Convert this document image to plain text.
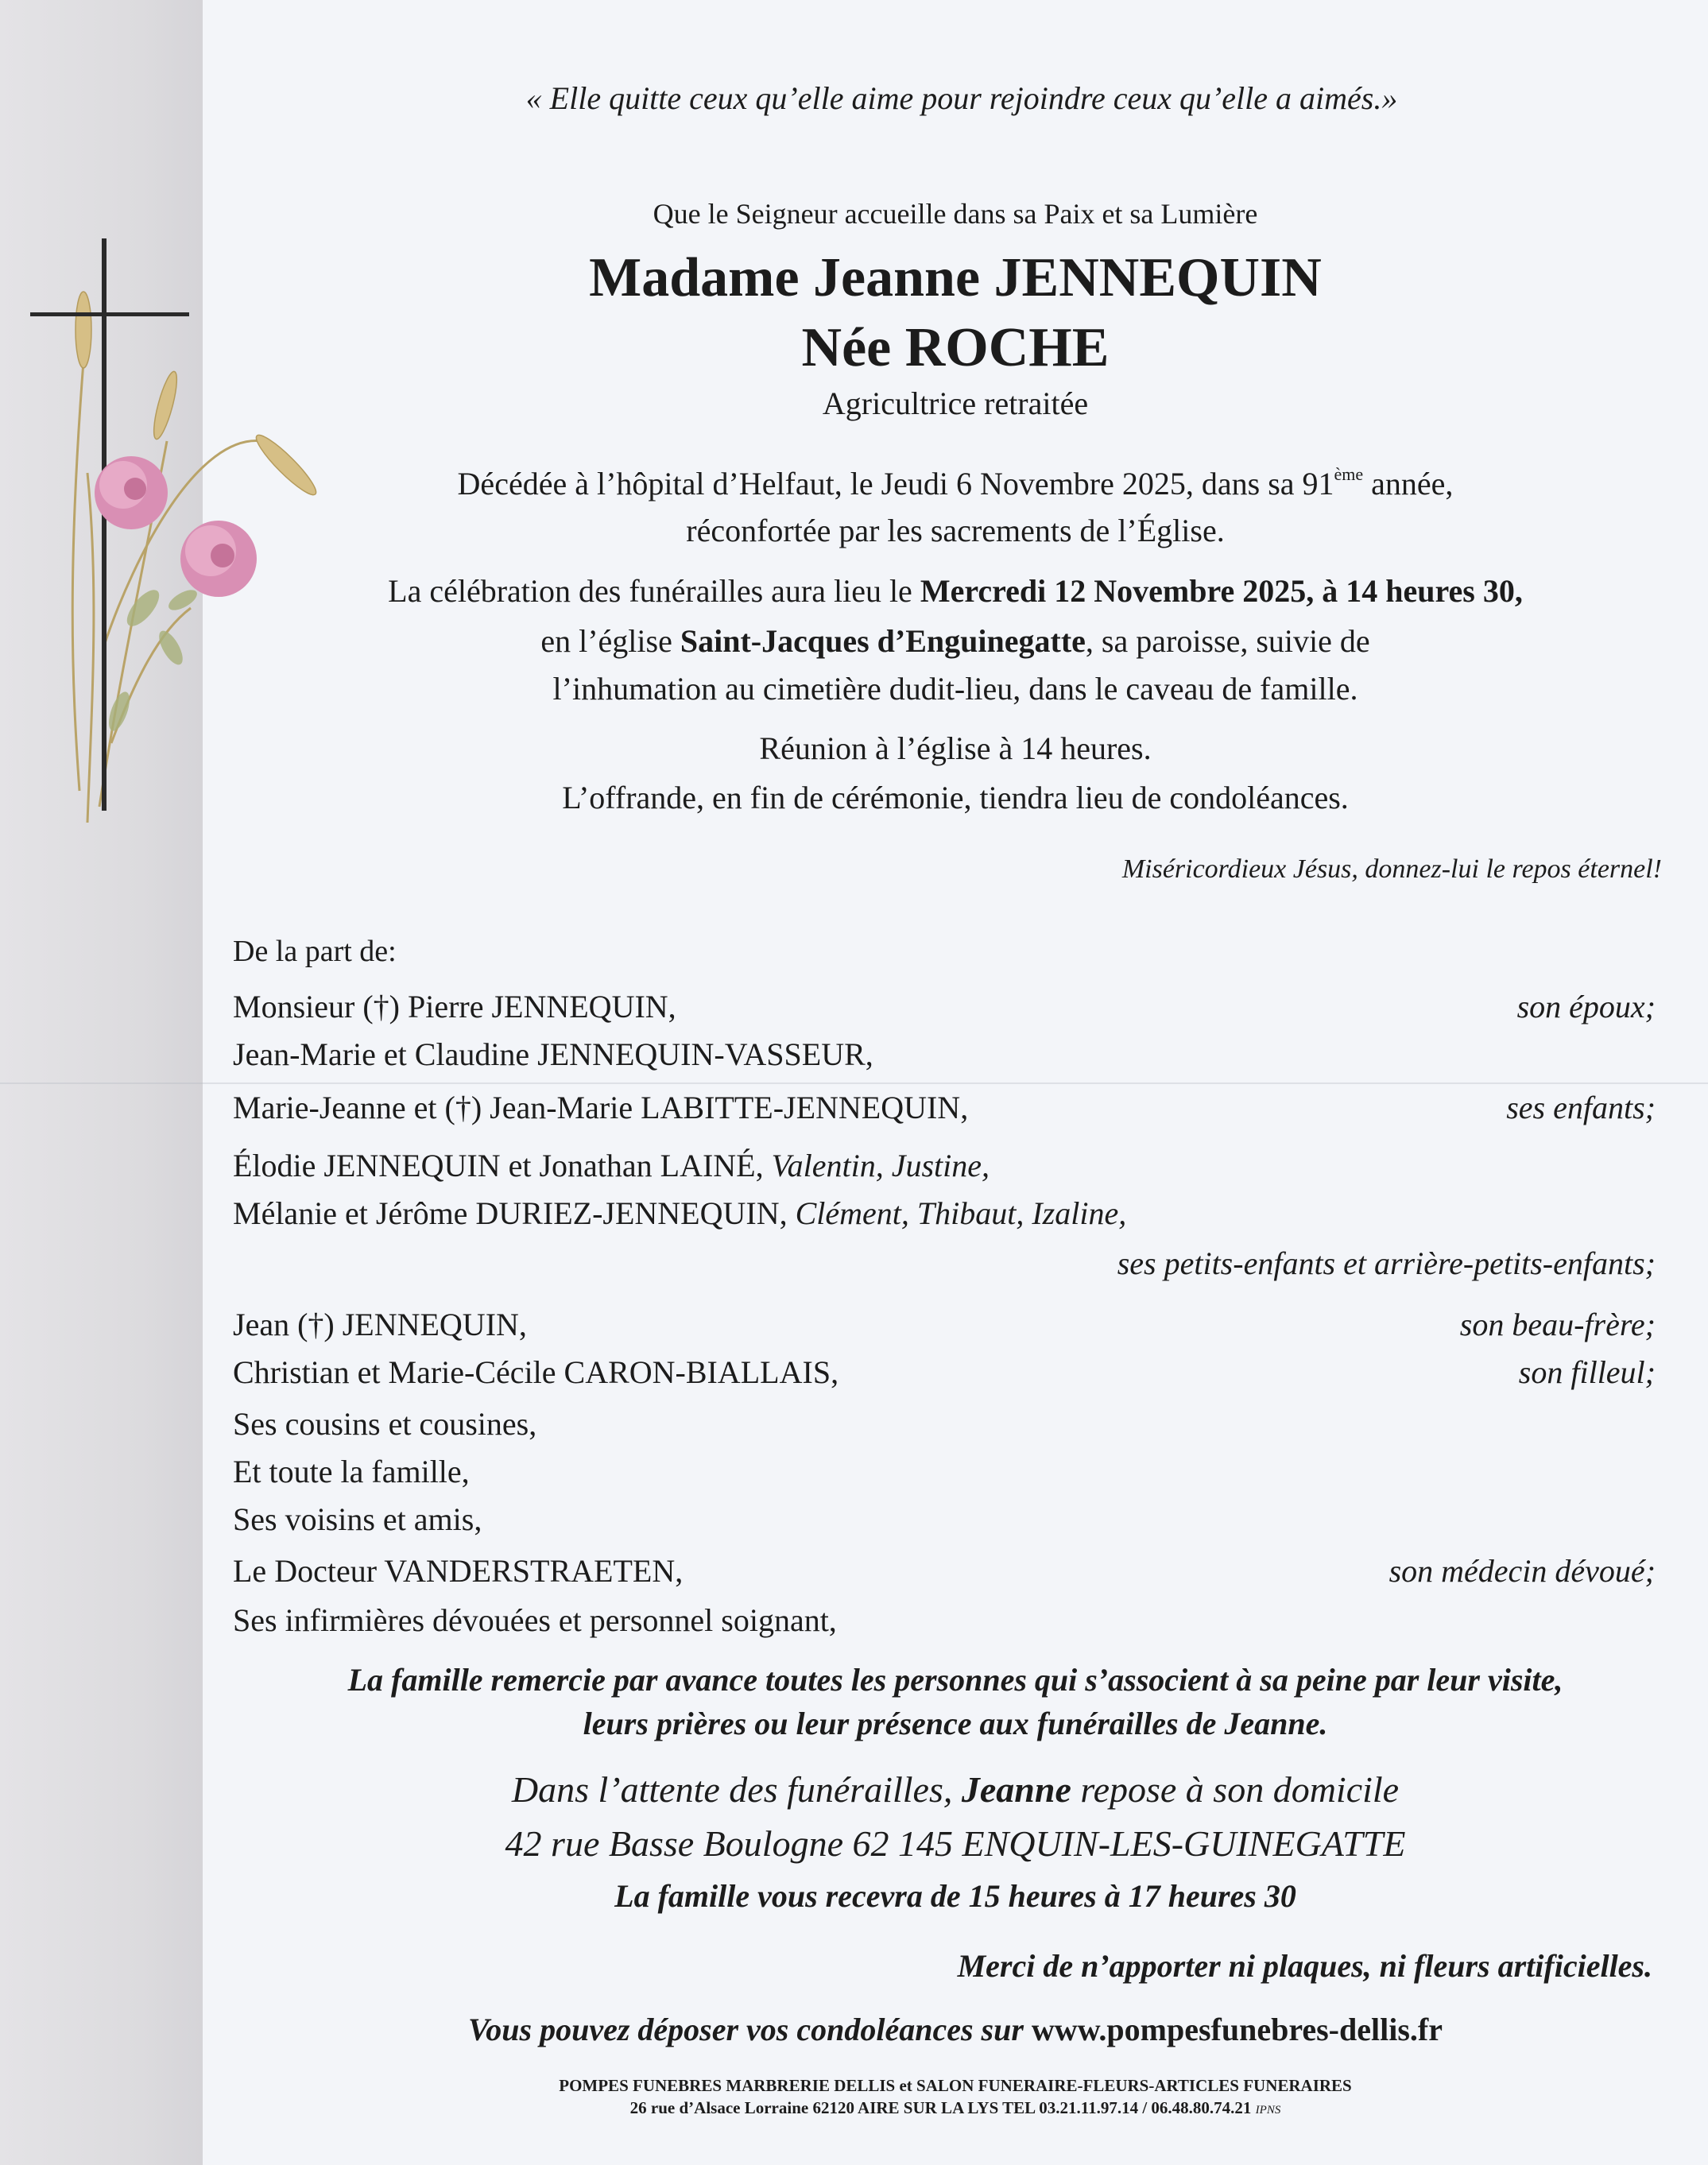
« Elle quitte ceux qu’elle aime pour rejoindre ceux qu’elle a aimés.»
Que le Seigneur accueille dans sa Paix et sa Lumière
Madame Jeanne JENNEQUIN
Née ROCHE
Agricultrice retraitée
Décédée à l’hôpital d’Helfaut, le Jeudi 6 Novembre 2025, dans sa 91ème année,
réconfortée par les sacrements de l’Église.
La célébration des funérailles aura lieu le Mercredi 12 Novembre 2025, à 14 heures 30,
en l’église Saint-Jacques d’Enguinegatte, sa paroisse, suivie de
l’inhumation au cimetière dudit-lieu, dans le caveau de famille.
Réunion à l’église à 14 heures.
L’offrande, en fin de cérémonie, tiendra lieu de condoléances.
Miséricordieux Jésus, donnez-lui le repos éternel!
De la part de:
Monsieur (†) Pierre JENNEQUIN,	son époux;
Jean-Marie et Claudine JENNEQUIN-VASSEUR,
Marie-Jeanne et (†) Jean-Marie LABITTE-JENNEQUIN,	ses enfants;
Élodie JENNEQUIN et Jonathan LAINÉ, Valentin, Justine,
Mélanie et Jérôme DURIEZ-JENNEQUIN, Clément, Thibaut, Izaline,
ses petits-enfants et arrière-petits-enfants;
Jean (†) JENNEQUIN,	son beau-frère;
Christian et Marie-Cécile CARON-BIALLAIS,	son filleul;
Ses cousins et cousines,
Et toute la famille,
Ses voisins et amis,
Le Docteur VANDERSTRAETEN,	son médecin dévoué;
Ses infirmières dévouées et personnel soignant,
La famille remercie par avance toutes les personnes qui s’associent à sa peine par leur visite,
leurs prières ou leur présence aux funérailles de Jeanne.
Dans l’attente des funérailles, Jeanne repose à son domicile
42 rue Basse Boulogne 62 145 ENQUIN-LES-GUINEGATTE
La famille vous recevra de 15 heures à 17 heures 30
Merci de n’apporter ni plaques, ni fleurs artificielles.
Vous pouvez déposer vos condoléances sur www.pompesfunebres-dellis.fr
POMPES FUNEBRES MARBRERIE DELLIS et SALON FUNERAIRE-FLEURS-ARTICLES FUNERAIRES
26 rue d’Alsace Lorraine 62120 AIRE SUR LA LYS TEL 03.21.11.97.14 / 06.48.80.74.21 IPNS
